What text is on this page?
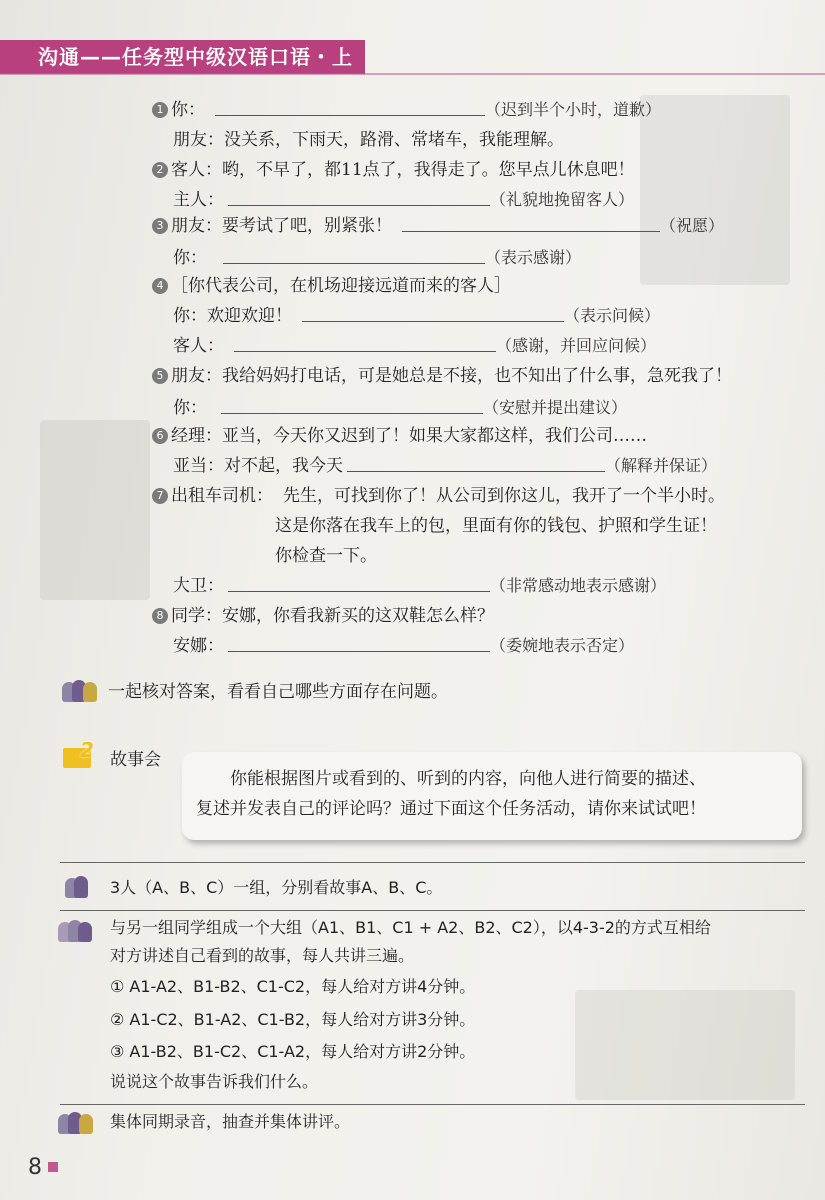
沟通——任务型中级汉语口语・上
1 你：	（迟到半个小时，道歉）
朋友：没关系，下雨天，路滑、常堵车，我能理解。
2 客人：哟，不早了，都11点了，我得走了。您早点儿休息吧！
主人：	（礼貌地挽留客人）
3 朋友：要考试了吧，别紧张！	（祝愿）
你：	（表示感谢）
4 ［你代表公司，在机场迎接远道而来的客人］
你：欢迎欢迎！	（表示问候）
客人：	（感谢，并回应问候）
5 朋友：我给妈妈打电话，可是她总是不接，也不知出了什么事，急死我了！
你：	（安慰并提出建议）
6 经理：亚当，今天你又迟到了！如果大家都这样，我们公司……
亚当：对不起，我今天	（解释并保证）
7 出租车司机： 先生，可找到你了！从公司到你这儿，我开了一个半小时。
这是你落在我车上的包，里面有你的钱包、护照和学生证！
你检查一下。
大卫：	（非常感动地表示感谢）
8 同学：安娜，你看我新买的这双鞋怎么样？
安娜：	（委婉地表示否定）
一起核对答案，看看自己哪些方面存在问题。
2 故事会
你能根据图片或看到的、听到的内容，向他人进行简要的描述、
复述并发表自己的评论吗？通过下面这个任务活动，请你来试试吧！
3人（A、B、C）一组，分别看故事A、B、C。
与另一组同学组成一个大组（A1、B1、C1 + A2、B2、C2），以4-3-2的方式互相给
对方讲述自己看到的故事，每人共讲三遍。
① A1-A2、B1-B2、C1-C2，每人给对方讲4分钟。
② A1-C2、B1-A2、C1-B2，每人给对方讲3分钟。
③ A1-B2、B1-C2、C1-A2，每人给对方讲2分钟。
说说这个故事告诉我们什么。
集体同期录音，抽查并集体讲评。
8
